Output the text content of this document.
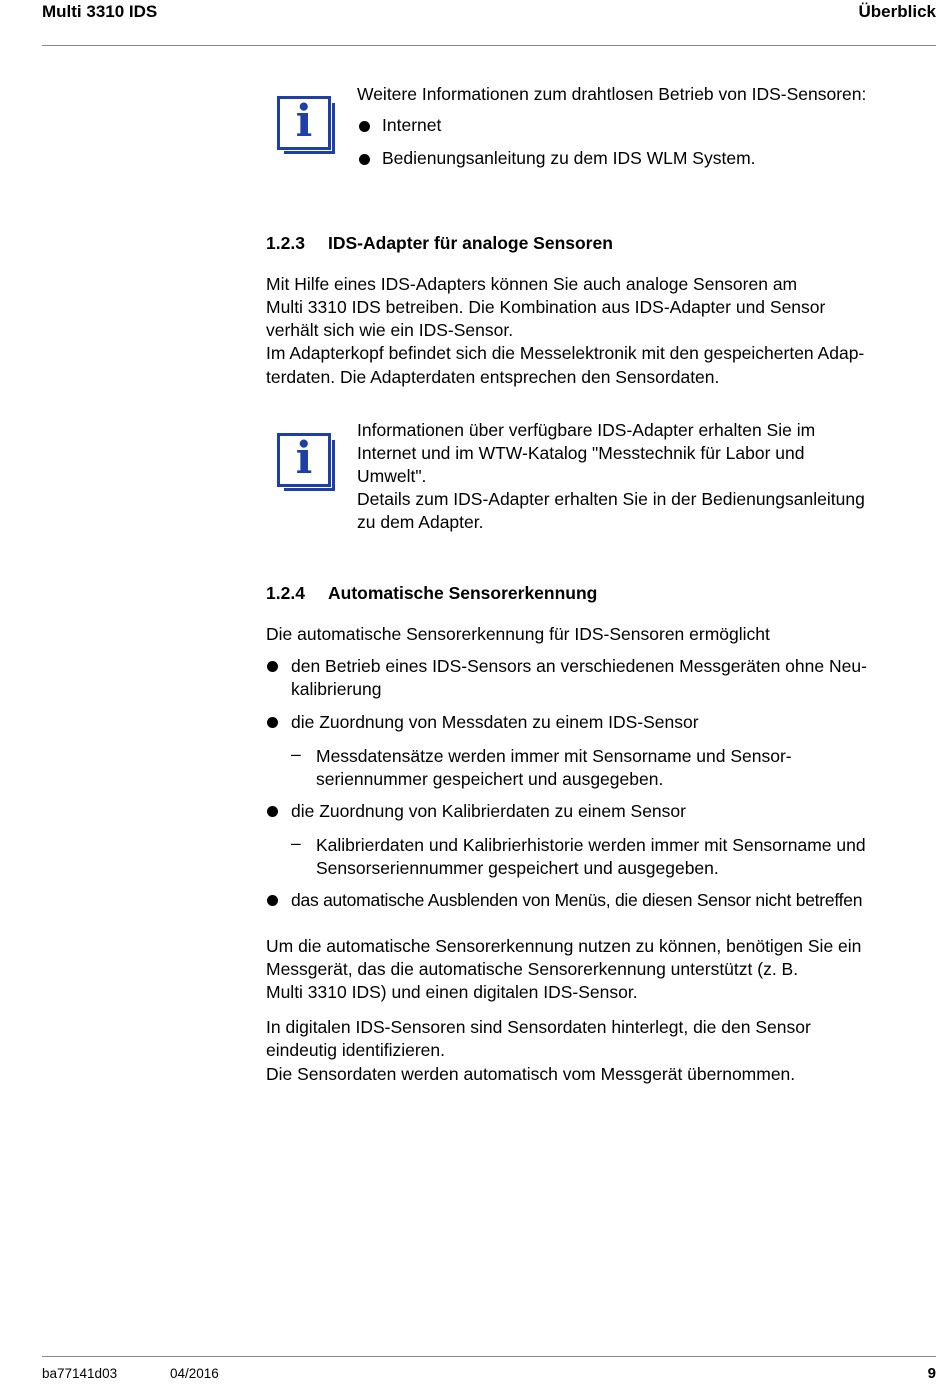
Multi 3310 IDS	Überblick
i
Weitere Informationen zum drahtlosen Betrieb von IDS-Sensoren:
Internet
Bedienungsanleitung zu dem IDS WLM System.
1.2.3 IDS-Adapter für analoge Sensoren
Mit Hilfe eines IDS-Adapters können Sie auch analoge Sensoren am
Multi 3310 IDS betreiben. Die Kombination aus IDS-Adapter und Sensor
verhält sich wie ein IDS-Sensor.
Im Adapterkopf befindet sich die Messelektronik mit den gespeicherten Adap-
terdaten. Die Adapterdaten entsprechen den Sensordaten.
i
Informationen über verfügbare IDS-Adapter erhalten Sie im
Internet und im WTW-Katalog "Messtechnik für Labor und
Umwelt".
Details zum IDS-Adapter erhalten Sie in der Bedienungsanleitung
zu dem Adapter.
1.2.4 Automatische Sensorerkennung
Die automatische Sensorerkennung für IDS-Sensoren ermöglicht
den Betrieb eines IDS-Sensors an verschiedenen Messgeräten ohne Neu-
kalibrierung
die Zuordnung von Messdaten zu einem IDS-Sensor
– Messdatensätze werden immer mit Sensorname und Sensor-
seriennummer gespeichert und ausgegeben.
die Zuordnung von Kalibrierdaten zu einem Sensor
– Kalibrierdaten und Kalibrierhistorie werden immer mit Sensorname und
Sensorseriennummer gespeichert und ausgegeben.
das automatische Ausblenden von Menüs, die diesen Sensor nicht betreffen
Um die automatische Sensorerkennung nutzen zu können, benötigen Sie ein
Messgerät, das die automatische Sensorerkennung unterstützt (z. B.
Multi 3310 IDS) und einen digitalen IDS-Sensor.
In digitalen IDS-Sensoren sind Sensordaten hinterlegt, die den Sensor
eindeutig identifizieren.
Die Sensordaten werden automatisch vom Messgerät übernommen.
ba77141d03	04/2016	9
